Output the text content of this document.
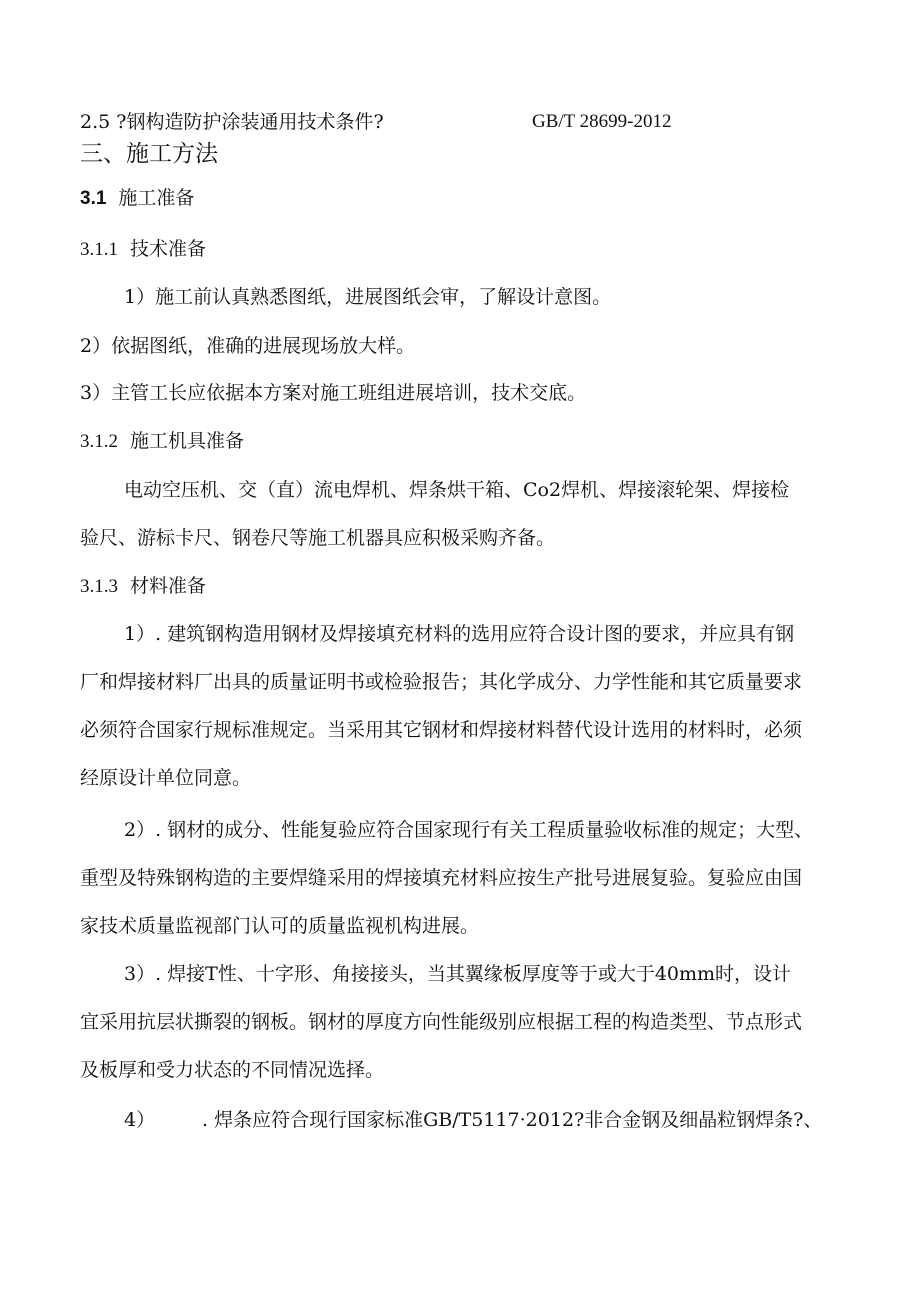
2.5 ?钢构造防护涂装通用技术条件?	GB/T 28699-2012
三、施工方法
3.1 施工准备
3.1.1 技术准备
1）施工前认真熟悉图纸，进展图纸会审，了解设计意图。
2）依据图纸，准确的进展现场放大样。
3）主管工长应依据本方案对施工班组进展培训，技术交底。
3.1.2 施工机具准备
电动空压机、交（直）流电焊机、焊条烘干箱、Co2焊机、焊接滚轮架、焊接检
验尺、游标卡尺、钢卷尺等施工机器具应积极采购齐备。
3.1.3 材料准备
1）. 建筑钢构造用钢材及焊接填充材料的选用应符合设计图的要求，并应具有钢
厂和焊接材料厂出具的质量证明书或检验报告；其化学成分、力学性能和其它质量要求
必须符合国家行规标准规定。当采用其它钢材和焊接材料替代设计选用的材料时，必须
经原设计单位同意。
2）. 钢材的成分、性能复验应符合国家现行有关工程质量验收标准的规定；大型、
重型及特殊钢构造的主要焊缝采用的焊接填充材料应按生产批号进展复验。复验应由国
家技术质量监视部门认可的质量监视机构进展。
3）. 焊接T性、十字形、角接接头，当其翼缘板厚度等于或大于40mm时，设计
宜采用抗层状撕裂的钢板。钢材的厚度方向性能级别应根据工程的构造类型、节点形式
及板厚和受力状态的不同情况选择。
4） . 焊条应符合现行国家标准GB/T5117·2012?非合金钢及细晶粒钢焊条?、
